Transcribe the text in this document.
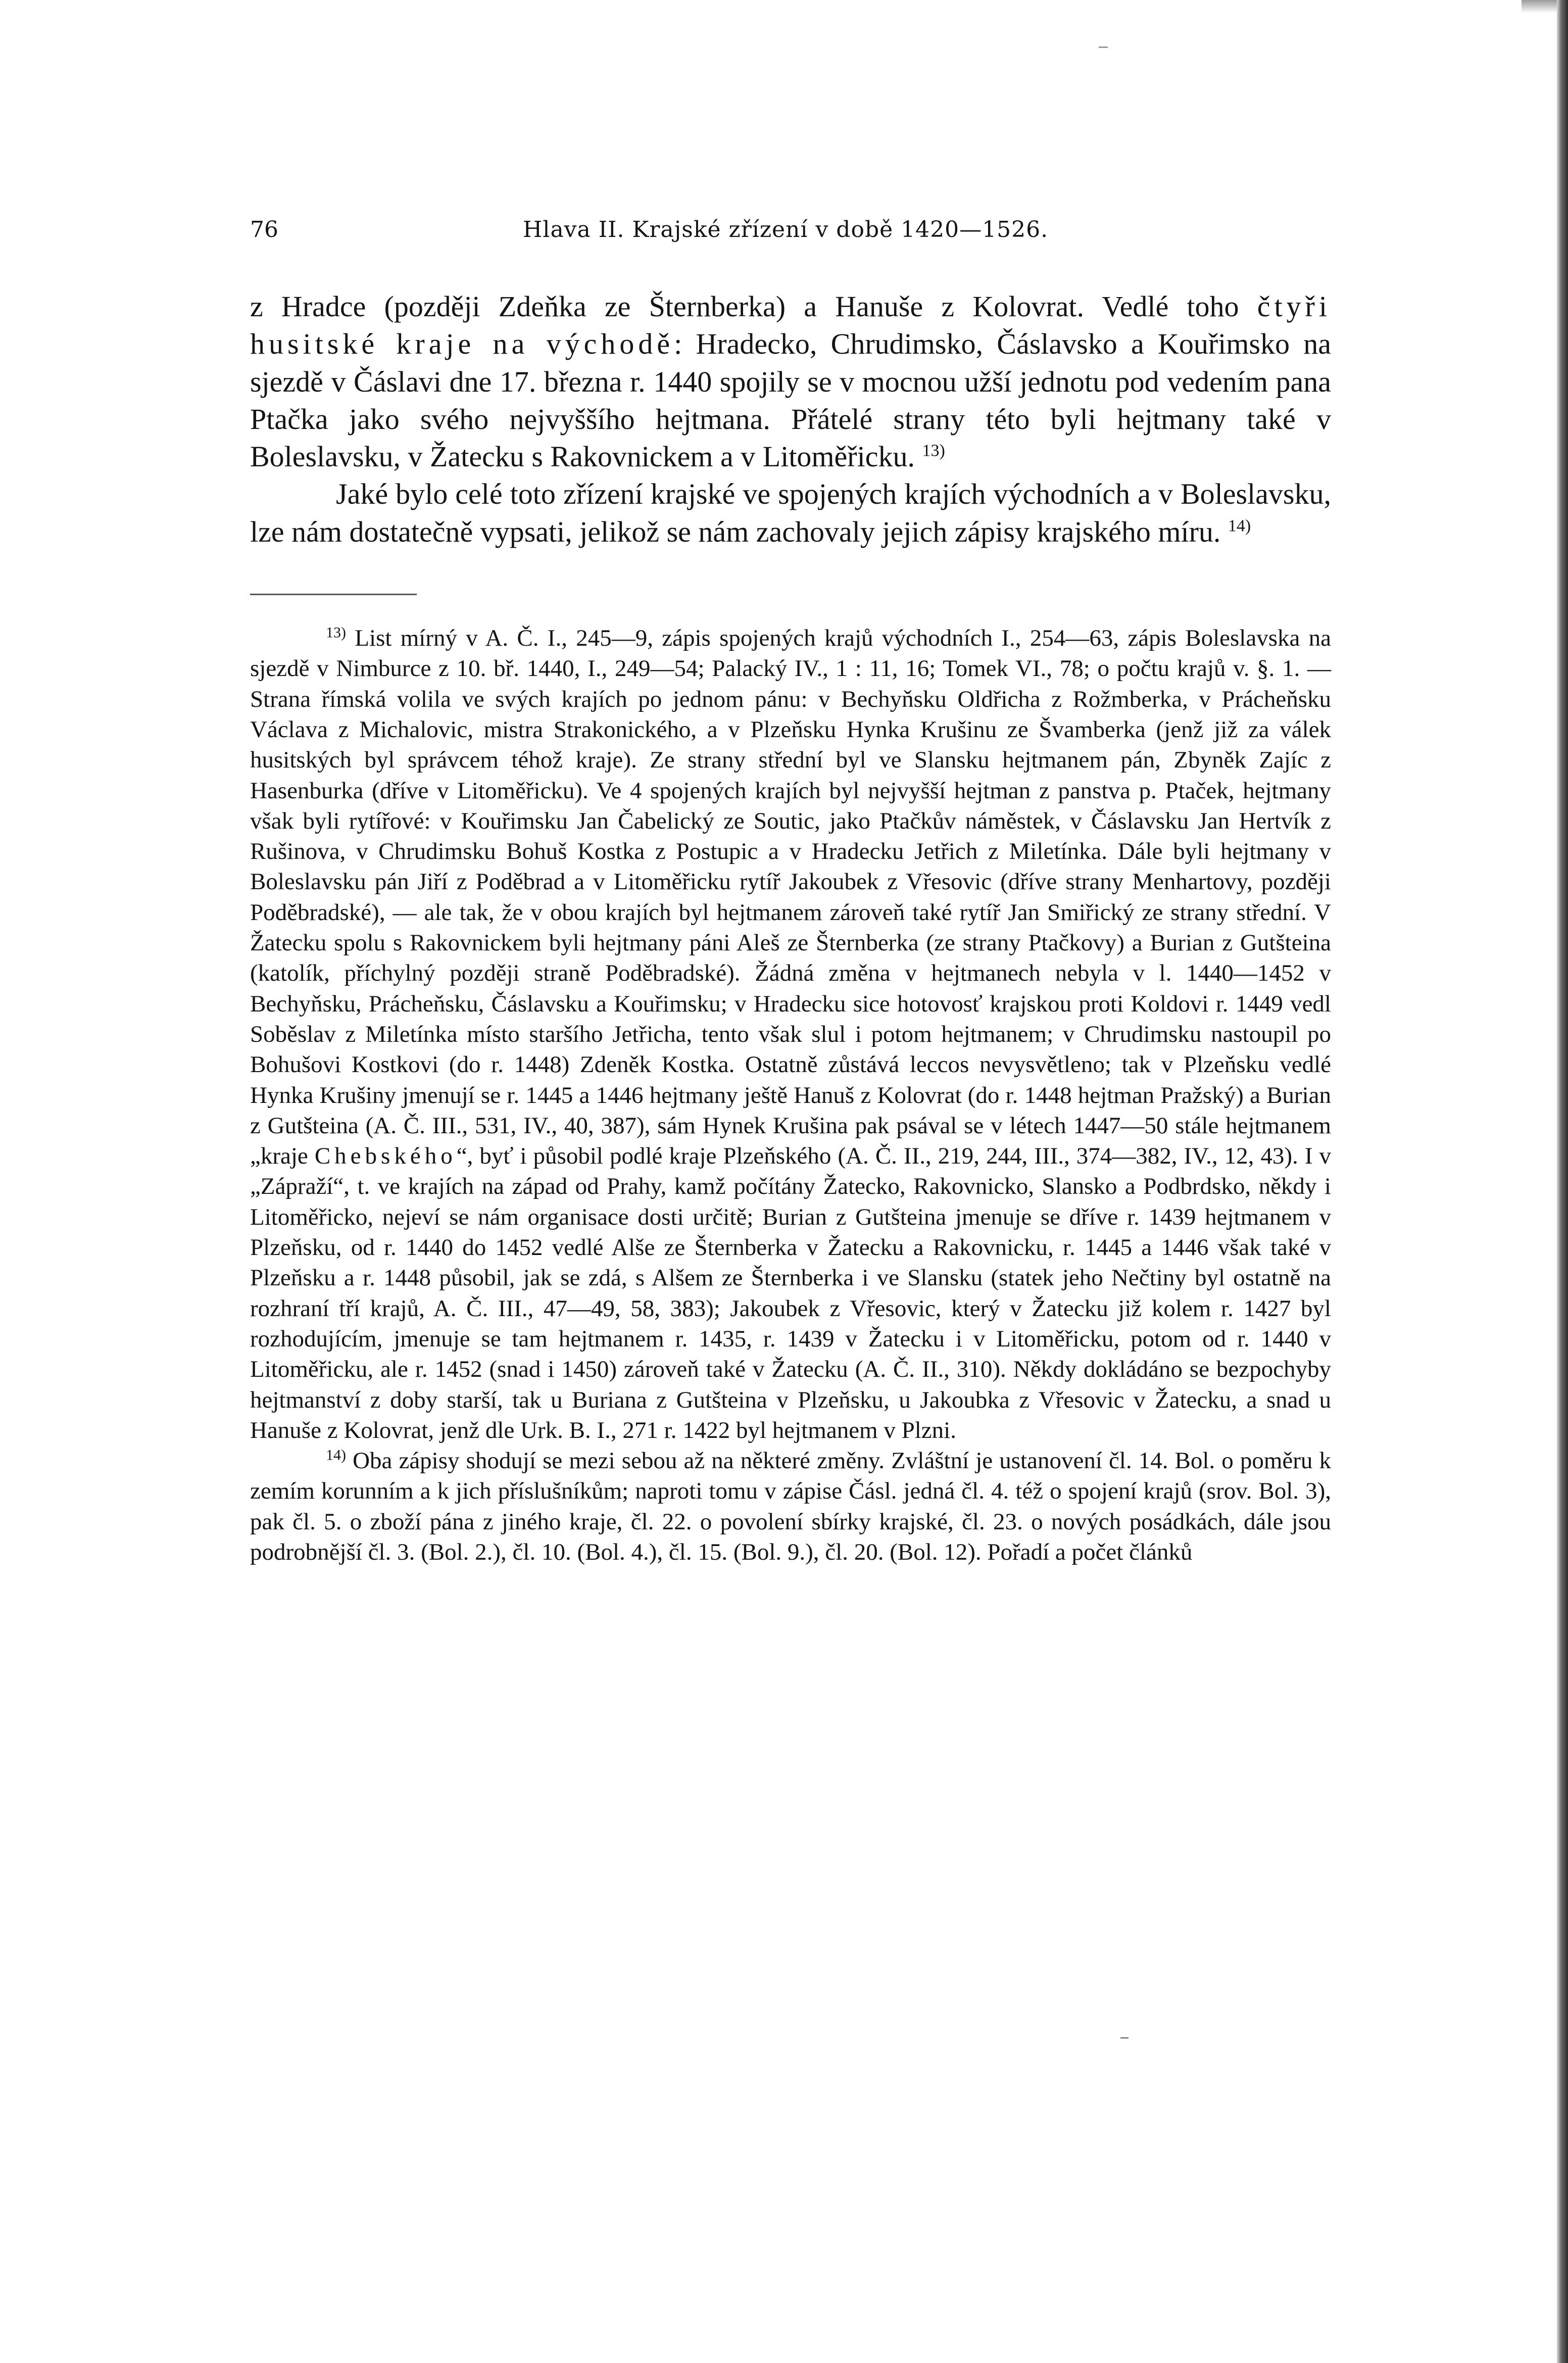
76	Hlava II. Krajské zřízení v době 1420—1526.

z Hradce (později Zdeňka ze Šternberka) a Hanuše z Kolovrat. Vedlé toho čtyři husitské kraje na východě: Hradecko, Chrudimsko, Čáslavsko a Kouřimsko na sjezdě v Čáslavi dne 17. března r. 1440 spojily se v mocnou užší jednotu pod vedením pana Ptačka jako svého nejvyššího hejtmana. Přátelé strany této byli hejtmany také v Boleslavsku, v Žatecku s Rakovnickem a v Litoměřicku. $^{13)}$

Jaké bylo celé toto zřízení krajské ve spojených krajích východních a v Boleslavsku, lze nám dostatečně vypsati, jelikož se nám zachovaly jejich zápisy krajského míru. $^{14)}$

$^{13)}$ List mírný v A. Č. I., 245—9, zápis spojených krajů východních I., 254—63, zápis Boleslavska na sjezdě v Nimburce z 10. bř. 1440, I., 249—54; Palacký IV., 1 : 11, 16; Tomek VI., 78; o počtu krajů v. §. 1. — Strana římská volila ve svých krajích po jednom pánu: v Bechyňsku Oldřicha z Rožmberka, v Prácheňsku Václava z Michalovic, mistra Strakonického, a v Plzeňsku Hynka Krušinu ze Švamberka (jenž již za válek husitských byl správcem téhož kraje). Ze strany střední byl ve Slansku hejtmanem pán, Zbyněk Zajíc z Hasenburka (dříve v Litoměřicku). Ve 4 spojených krajích byl nejvyšší hejtman z panstva p. Ptaček, hejtmany však byli rytířové: v Kouřimsku Jan Čabelický ze Soutic, jako Ptačkův náměstek, v Čáslavsku Jan Hertvík z Rušinova, v Chrudimsku Bohuš Kostka z Postupic a v Hradecku Jetřich z Miletínka. Dále byli hejtmany v Boleslavsku pán Jiří z Poděbrad a v Litoměřicku rytíř Jakoubek z Vřesovic (dříve strany Menhartovy, později Poděbradské), — ale tak, že v obou krajích byl hejtmanem zároveň také rytíř Jan Smiřický ze strany střední. V Žatecku spolu s Rakovnickem byli hejtmany páni Aleš ze Šternberka (ze strany Ptačkovy) a Burian z Gutšteina (katolík, příchylný později straně Poděbradské). Žádná změna v hejtmanech nebyla v l. 1440—1452 v Bechyňsku, Prácheňsku, Čáslavsku a Kouřimsku; v Hradecku sice hotovosť krajskou proti Koldovi r. 1449 vedl Soběslav z Miletínka místo staršího Jetřicha, tento však slul i potom hejtmanem; v Chrudimsku nastoupil po Bohušovi Kostkovi (do r. 1448) Zdeněk Kostka. Ostatně zůstává leccos nevysvětleno; tak v Plzeňsku vedlé Hynka Krušiny jmenují se r. 1445 a 1446 hejtmany ještě Hanuš z Kolovrat (do r. 1448 hejtman Pražský) a Burian z Gutšteina (A. Č. III., 531, IV., 40, 387), sám Hynek Krušina pak psával se v létech 1447—50 stále hejtmanem „kraje Chebského“, byť i působil podlé kraje Plzeňského (A. Č. II., 219, 244, III., 374—382, IV., 12, 43). I v „Zápraží“, t. ve krajích na západ od Prahy, kamž počítány Žatecko, Rakovnicko, Slansko a Podbrdsko, někdy i Litoměřicko, nejeví se nám organisace dosti určitě; Burian z Gutšteina jmenuje se dříve r. 1439 hejtmanem v Plzeňsku, od r. 1440 do 1452 vedlé Alše ze Šternberka v Žatecku a Rakovnicku, r. 1445 a 1446 však také v Plzeňsku a r. 1448 působil, jak se zdá, s Alšem ze Šternberka i ve Slansku (statek jeho Nečtiny byl ostatně na rozhraní tří krajů, A. Č. III., 47—49, 58, 383); Jakoubek z Vřesovic, který v Žatecku již kolem r. 1427 byl rozhodujícím, jmenuje se tam hejtmanem r. 1435, r. 1439 v Žatecku i v Litoměřicku, potom od r. 1440 v Litoměřicku, ale r. 1452 (snad i 1450) zároveň také v Žatecku (A. Č. II., 310). Někdy dokládáno se bezpochyby hejtmanství z doby starší, tak u Buriana z Gutšteina v Plzeňsku, u Jakoubka z Vřesovic v Žatecku, a snad u Hanuše z Kolovrat, jenž dle Urk. B. I., 271 r. 1422 byl hejtmanem v Plzni.

$^{14)}$ Oba zápisy shodují se mezi sebou až na některé změny. Zvláštní je ustanovení čl. 14. Bol. o poměru k zemím korunním a k jich příslušníkům; naproti tomu v zápise Čásl. jedná čl. 4. též o spojení krajů (srov. Bol. 3), pak čl. 5. o zboží pána z jiného kraje, čl. 22. o povolení sbírky krajské, čl. 23. o nových posádkách, dále jsou podrobnější čl. 3. (Bol. 2.), čl. 10. (Bol. 4.), čl. 15. (Bol. 9.), čl. 20. (Bol. 12). Pořadí a počet článků
